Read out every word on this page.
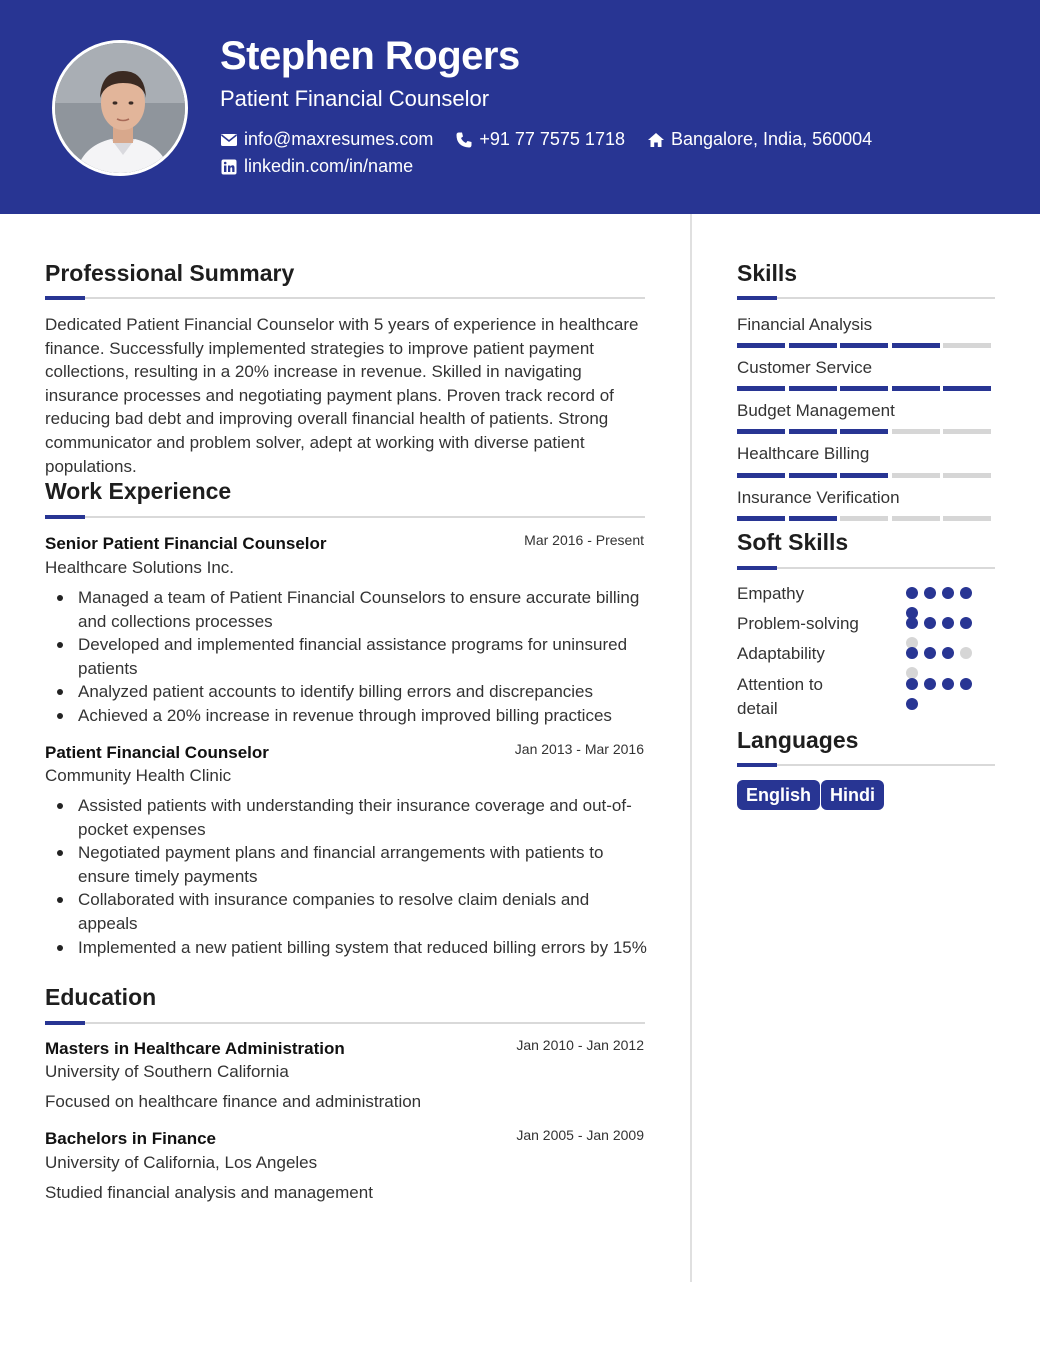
Stephen Rogers
Patient Financial Counselor
info@maxresumes.com	+91 77 7575 1718	Bangalore, India, 560004
linkedin.com/in/name
Professional Summary
Dedicated Patient Financial Counselor with 5 years of experience in healthcare finance. Successfully implemented strategies to improve patient payment collections, resulting in a 20% increase in revenue. Skilled in navigating insurance processes and negotiating payment plans. Proven track record of reducing bad debt and improving overall financial health of patients. Strong communicator and problem solver, adept at working with diverse patient populations.
Work Experience
Senior Patient Financial Counselor	Mar 2016 - Present
Healthcare Solutions Inc.
Managed a team of Patient Financial Counselors to ensure accurate billing and collections processes
Developed and implemented financial assistance programs for uninsured patients
Analyzed patient accounts to identify billing errors and discrepancies
Achieved a 20% increase in revenue through improved billing practices
Patient Financial Counselor	Jan 2013 - Mar 2016
Community Health Clinic
Assisted patients with understanding their insurance coverage and out-of-pocket expenses
Negotiated payment plans and financial arrangements with patients to ensure timely payments
Collaborated with insurance companies to resolve claim denials and appeals
Implemented a new patient billing system that reduced billing errors by 15%
Education
Masters in Healthcare Administration	Jan 2010 - Jan 2012
University of Southern California
Focused on healthcare finance and administration
Bachelors in Finance	Jan 2005 - Jan 2009
University of California, Los Angeles
Studied financial analysis and management
Skills
Financial Analysis
Customer Service
Budget Management
Healthcare Billing
Insurance Verification
Soft Skills
Empathy
Problem-solving
Adaptability
Attention to detail
Languages
English	Hindi
